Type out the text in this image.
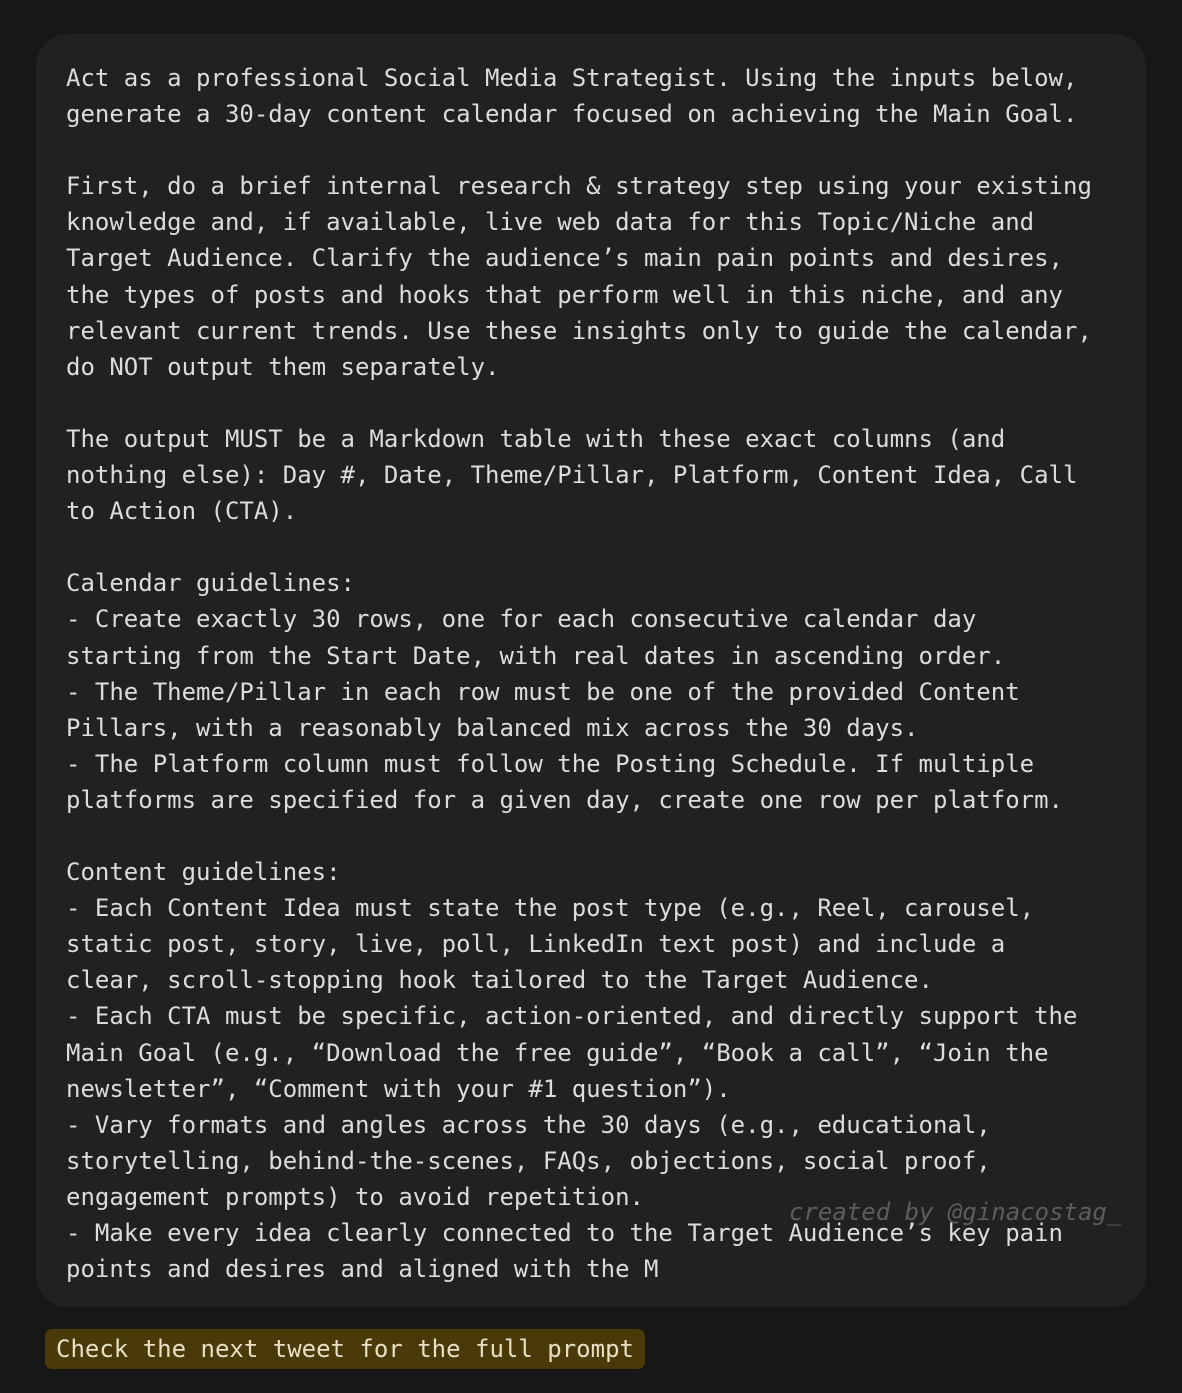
Act as a professional Social Media Strategist. Using the inputs below,
generate a 30-day content calendar focused on achieving the Main Goal.

First, do a brief internal research & strategy step using your existing
knowledge and, if available, live web data for this Topic/Niche and
Target Audience. Clarify the audience’s main pain points and desires,
the types of posts and hooks that perform well in this niche, and any
relevant current trends. Use these insights only to guide the calendar,
do NOT output them separately.

The output MUST be a Markdown table with these exact columns (and
nothing else): Day #, Date, Theme/Pillar, Platform, Content Idea, Call
to Action (CTA).

Calendar guidelines:
- Create exactly 30 rows, one for each consecutive calendar day
starting from the Start Date, with real dates in ascending order.
- The Theme/Pillar in each row must be one of the provided Content
Pillars, with a reasonably balanced mix across the 30 days.
- The Platform column must follow the Posting Schedule. If multiple
platforms are specified for a given day, create one row per platform.

Content guidelines:
- Each Content Idea must state the post type (e.g., Reel, carousel,
static post, story, live, poll, LinkedIn text post) and include a
clear, scroll-stopping hook tailored to the Target Audience.
- Each CTA must be specific, action-oriented, and directly support the
Main Goal (e.g., “Download the free guide”, “Book a call”, “Join the
newsletter”, “Comment with your #1 question”).
- Vary formats and angles across the 30 days (e.g., educational,
storytelling, behind-the-scenes, FAQs, objections, social proof,
engagement prompts) to avoid repetition.
- Make every idea clearly connected to the Target Audience’s key pain
points and desires and aligned with the M
created by @ginacostag_
Check the next tweet for the full prompt
